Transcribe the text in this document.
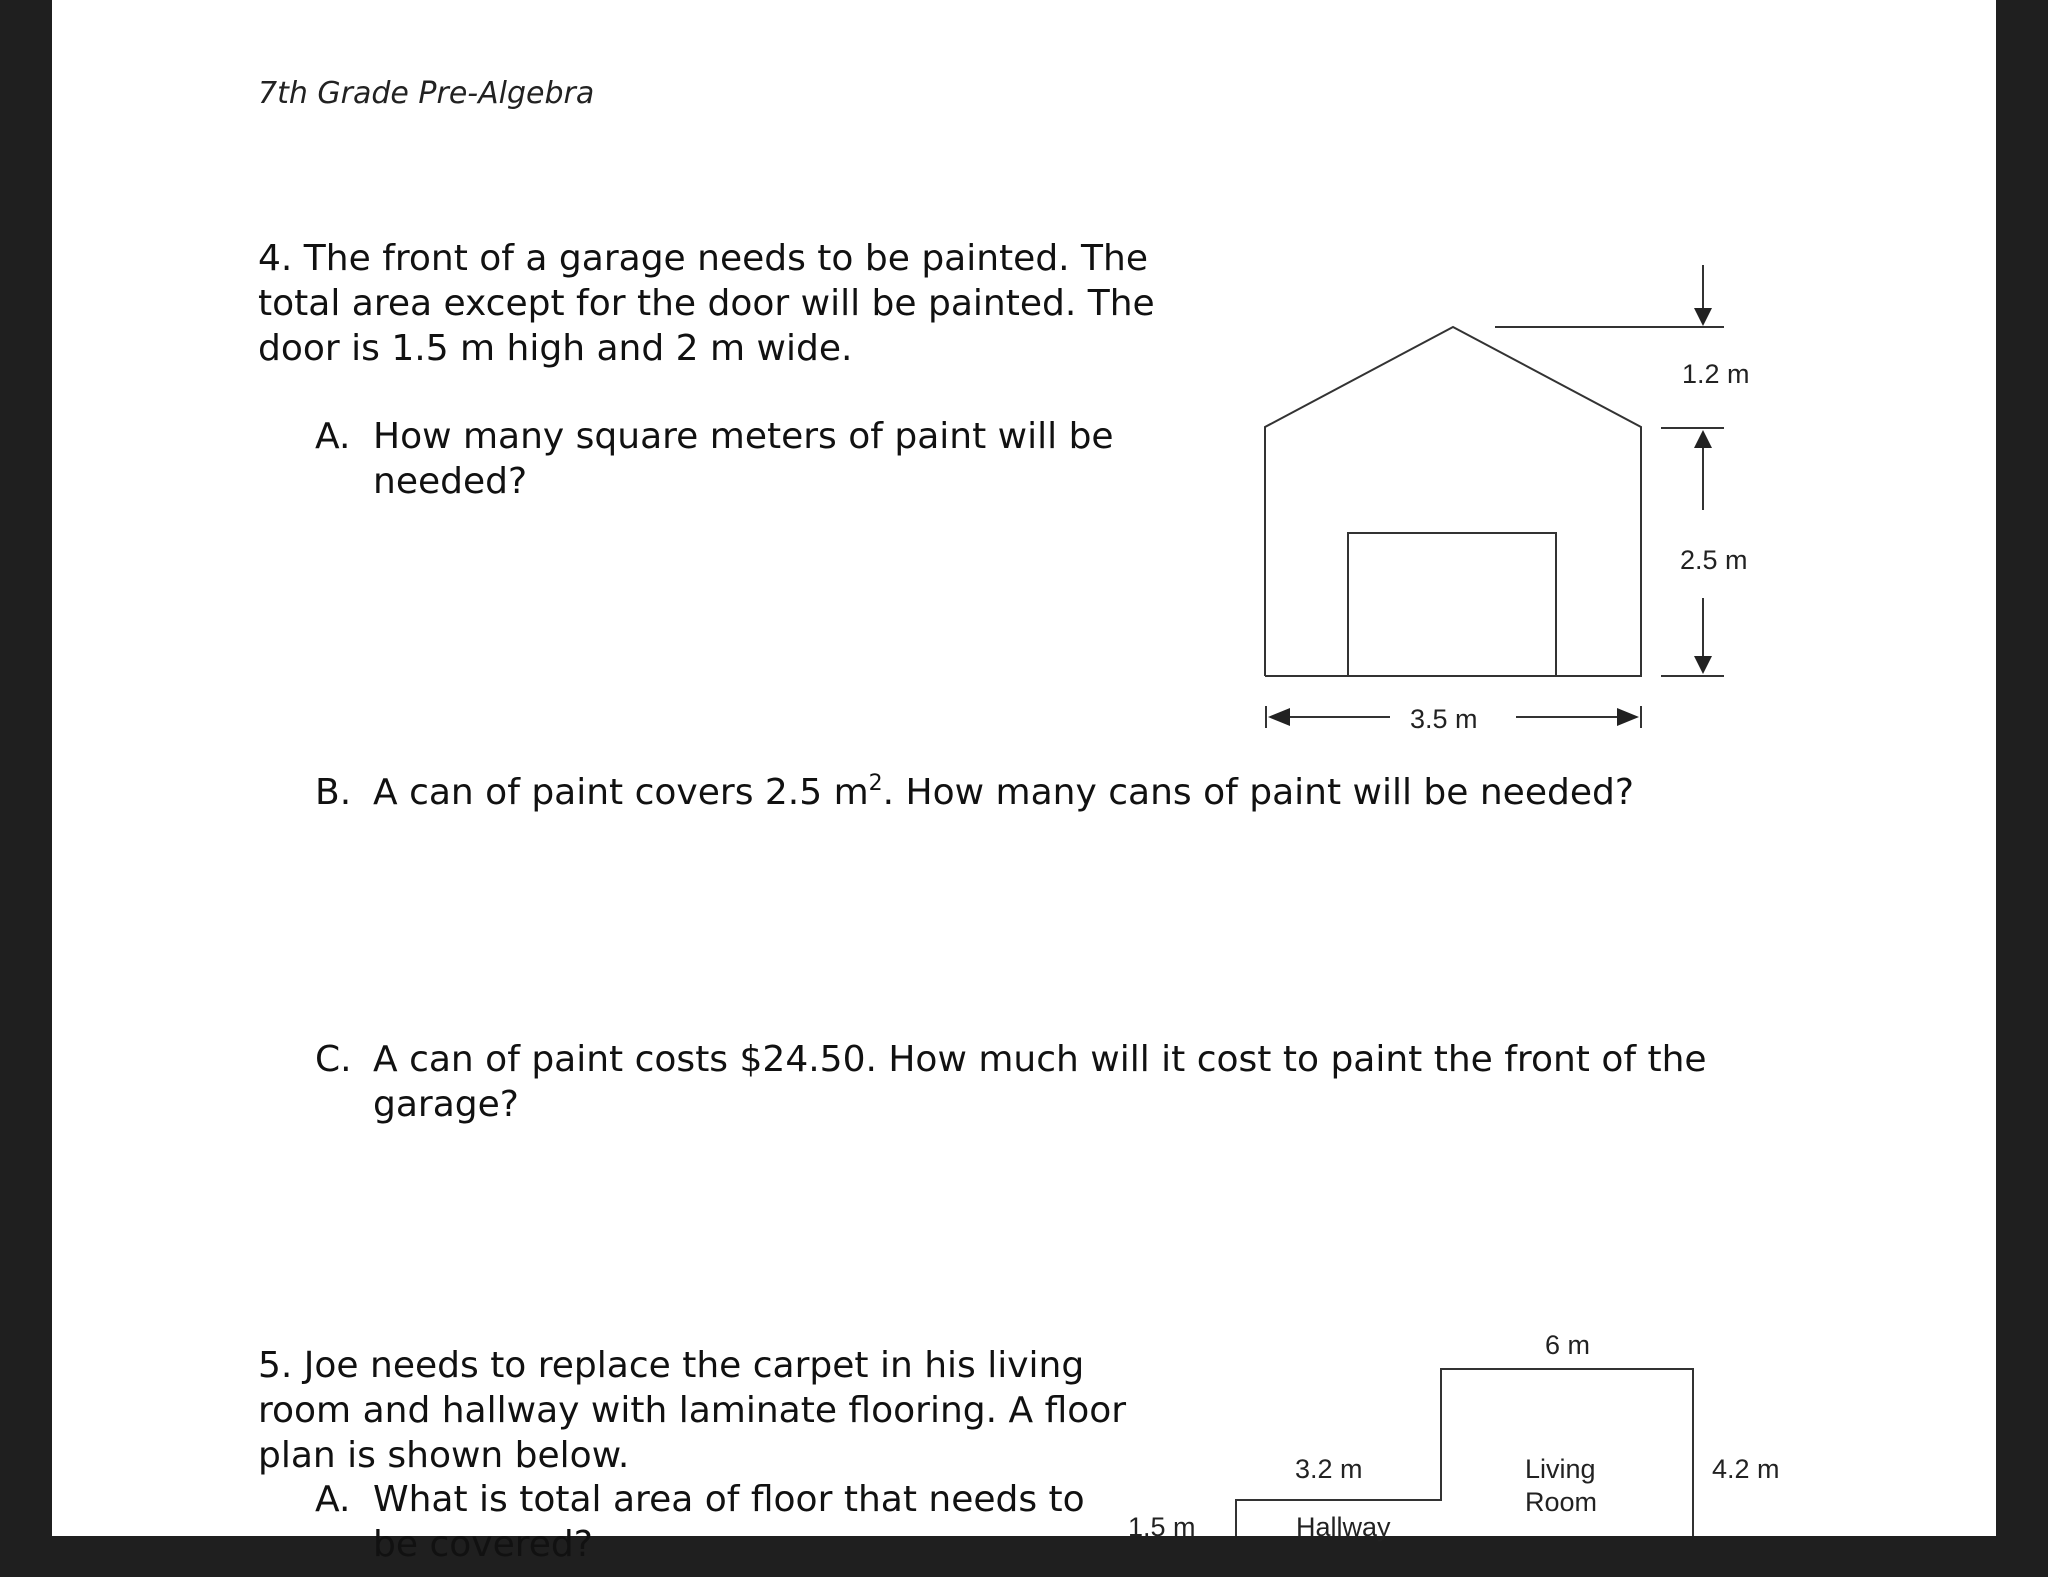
7th Grade Pre-Algebra
4. The front of a garage needs to be painted. The total area except for the door will be painted. The door is 1.5 m high and 2 m wide.
A. How many square meters of paint will be needed?
B. A can of paint covers 2.5 $m^2$. How many cans of paint will be needed?
C. A can of paint costs $24.50. How much will it cost to paint the front of the garage?
5. Joe needs to replace the carpet in his living room and hallway with laminate flooring. A floor plan is shown below.
A. What is total area of floor that needs to be covered?
1.2 m
2.5 m
3.5 m
6 m
4.2 m
3.2 m
1.5 m
Living
Room
Hallway
